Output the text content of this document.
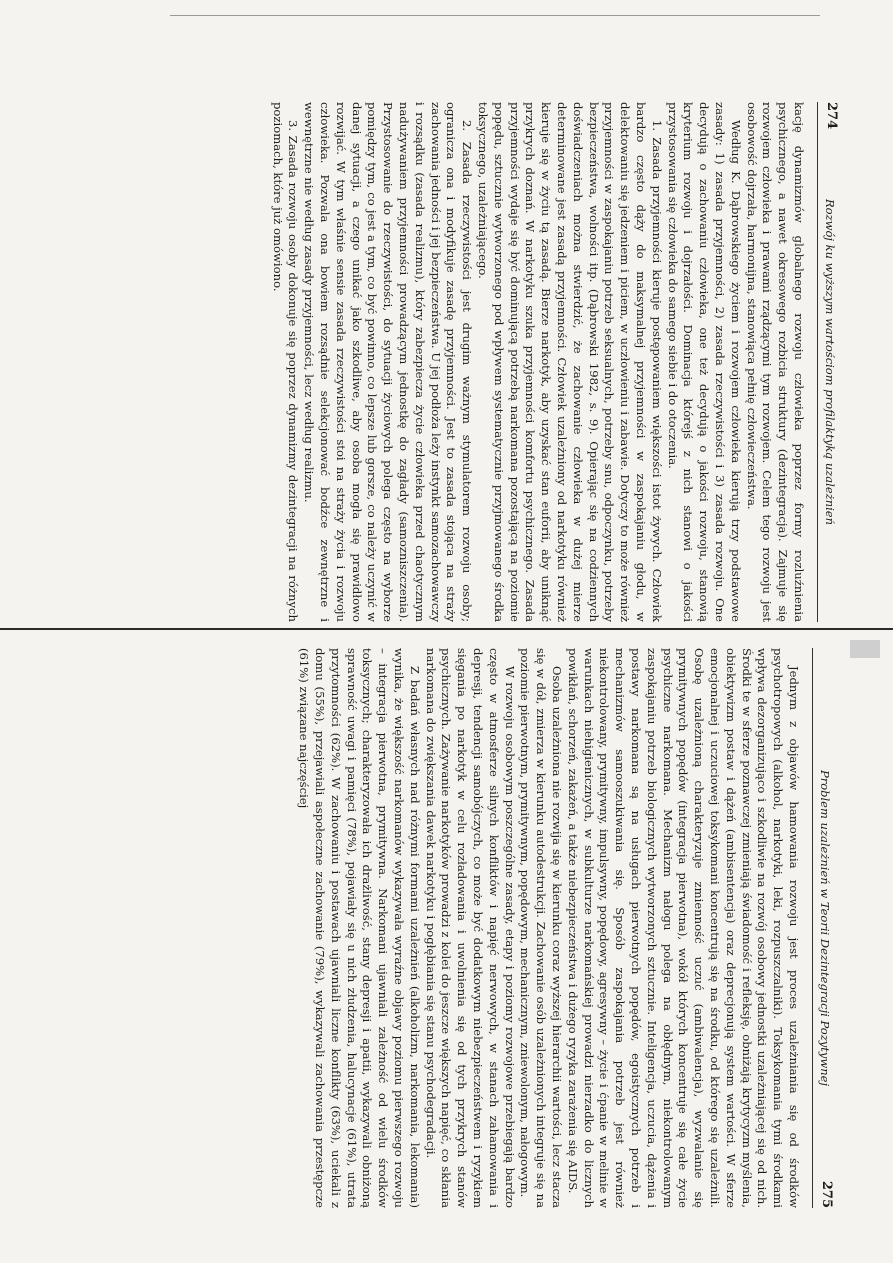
274
Rozwój ku wyższym wartościom profilaktyką uzależnień

kację dynamizmów globalnego rozwoju człowieka poprzez formy rozluźnienia psychicznego, a nawet okresowego rozbicia struktury (dezintegracja). Zajmuje się rozwojem człowieka i prawami rządzącymi tym rozwojem. Celem tego rozwoju jest osobowość dojrzała, harmonijna, stanowiąca pełnię człowieczeństwa.

Według K. Dąbrowskiego życiem i rozwojem człowieka kierują trzy podstawowe zasady: 1) zasada przyjemności, 2) zasada rzeczywistości i 3) zasada rozwoju. One decydują o zachowaniu człowieka, one też decydują o jakości rozwoju, stanowią kryterium rozwoju i dojrzałości. Dominacja którejś z nich stanowi o jakości przystosowania się człowieka do samego siebie i do otoczenia.

1. Zasada przyjemności kieruje postępowaniem większości istot żywych. Człowiek bardzo często dąży do maksymalnej przyjemności w zaspokajaniu głodu, w delektowaniu się jedzeniem i piciem, w uczłowieniu i zabawie. Dotyczy to może również przyjemności w zaspokajaniu potrzeb seksualnych, potrzeby snu, odpoczynku, potrzeby bezpieczeństwa, wolności itp. (Dąbrowski 1982, s. 9). Opierając się na codziennych doświadczeniach można stwierdzić, że zachowanie człowieka w dużej mierze determinowane jest zasadą przyjemności. Człowiek uzależniony od narkotyku również kieruje się w życiu tą zasadą. Bierze narkotyk, aby uzyskać stan euforii, aby uniknąć przykrych doznań. W narkotyku szuka przyjemności komfortu psychicznego. Zasada przyjemności wydaje się być dominującą potrzebą narkomana pozostającą na poziomie popędu, sztucznie wytworzonego pod wpływem systematycznie przyjmowanego środka toksycznego, uzależniającego.

2. Zasada rzeczywistości jest drugim ważnym stymulatorem rozwoju osoby; ogranicza ona i modyfikuje zasadę przyjemności. Jest to zasada stojąca na straży zachowania jedności i jej bezpieczeństwa. U jej podłoża leży instynkt samozachowawczy i rozsądku (zasada realizmu), który zabezpiecza życie człowieka przed chaotycznym nadużywaniem przyjemności prowadzącym jednostkę do zagłady (samozniszczenia). Przystosowanie do rzeczywistości, do sytuacji życiowych polega często na wyborze pomiędzy tym, co jest a tym, co być powinno, co lepsze lub gorsze, co należy uczynić w danej sytuacji, a czego unikać jako szkodliwe, aby osoba mogła się prawidłowo rozwijać. W tym właśnie sensie zasada rzeczywistości stoi na straży życia i rozwoju człowieka. Pozwala ona bowiem rozsądnie selekcjonować bodźce zewnętrzne i wewnętrzne nie według zasady przyjemności, lecz według realizmu.

3. Zasada rozwoju osoby dokonuje się poprzez dynamizmy dezintegracji na różnych poziomach, które już omówiono.

Problem uzależnień w Teorii Dezintegracji Pozytywnej
275

Jednym z objawów hamowania rozwoju jest proces uzależniania się od środków psychotropowych (alkohol, narkotyki, leki, rozpuszczalniki). Toksykomania tymi środkami wpływa dezorganizująco i szkodliwie na rozwój osobowy jednostki uzależniającej się od nich. Środki te w sferze poznawczej zmieniają świadomość i refleksję, obniżają krytycyzm myślenia, obiektywizm postaw i dążeń (ambisentencja) oraz deprecjonują system wartości. W sferze emocjonalnej i uczuciowej toksykomani koncentrują się na środku, od którego się uzależnili. Osobę uzależnioną charakteryzuje zmienność uczuć (ambiwalencja), wyzwalanie się prymitywnych popędów (integracja pierwotna), wokół których koncentruje się całe życie psychiczne narkomana. Mechanizm nałogu polega na obłędnym, niekontrolowanym zaspokajaniu potrzeb biologicznych wytworzonych sztucznie. Inteligencja, uczucia, dążenia i postawy narkomana są na usługach pierwotnych popędów, egoistycznych potrzeb i mechanizmów samooszukiwania się. Sposób zaspokajania potrzeb jest również niekontrolowany, prymitywny, impulsywny, popędowy, agresywny – życie i ćpanie w melinie w warunkach niehigienicznych, w subkulturze narkomańskiej prowadzi nierzadko do licznych powikłań, schorzeń, zakażeń, a także niebezpieczeństwa i dużego ryzyka zarażenia się AIDS.

Osoba uzależniona nie rozwija się w kierunku coraz wyższej hierarchii wartości, lecz stacza się w dół, zmierza w kierunku autodestrukcji. Zachowanie osób uzależnionych integruje się na poziomie pierwotnym, prymitywnym, popędowym, mechanicznym, zniewolonym, nałogowym.

W rozwoju osobowym poszczególne zasady, etapy i poziomy rozwojowe przebiegają bardzo często w atmosferze silnych konfliktów i napięć nerwowych, w stanach zahamowania i depresji, tendencji samobójczych, co może być dodatkowym niebezpieczeństwem i ryzykiem sięgania po narkotyk w celu rozładowania i uwolnienia się od tych przykrych stanów psychicznych. Zażywanie narkotyków prowadzi z kolei do jeszcze większych napięć, co skłania narkomana do zwiększania dawek narkotyku i pogłębiania się stanu psychodegradacji.

Z badań własnych nad różnymi formami uzależnień (alkoholizm, narkomania, lekomania) wynika, że większość narkomanów wykazywała wyraźne objawy poziomu pierwszego rozwoju – integracja pierwotna, prymitywna. Narkomani ujawniali zależność od wielu środków toksycznych; charakteryzowała ich drażliwość, stany depresji i apatii, wykazywali obniżoną sprawność uwagi i pamięci (78%), pojawiały się u nich złudzenia, halucynacje (61%), utrata przytomności (62%). W zachowaniu i postawach ujawniali liczne konflikty (63%), uciekali z domu (55%), przejawiali aspołeczne zachowanie (79%), wykazywali zachowania przestępcze (61%) związane najczęściej
